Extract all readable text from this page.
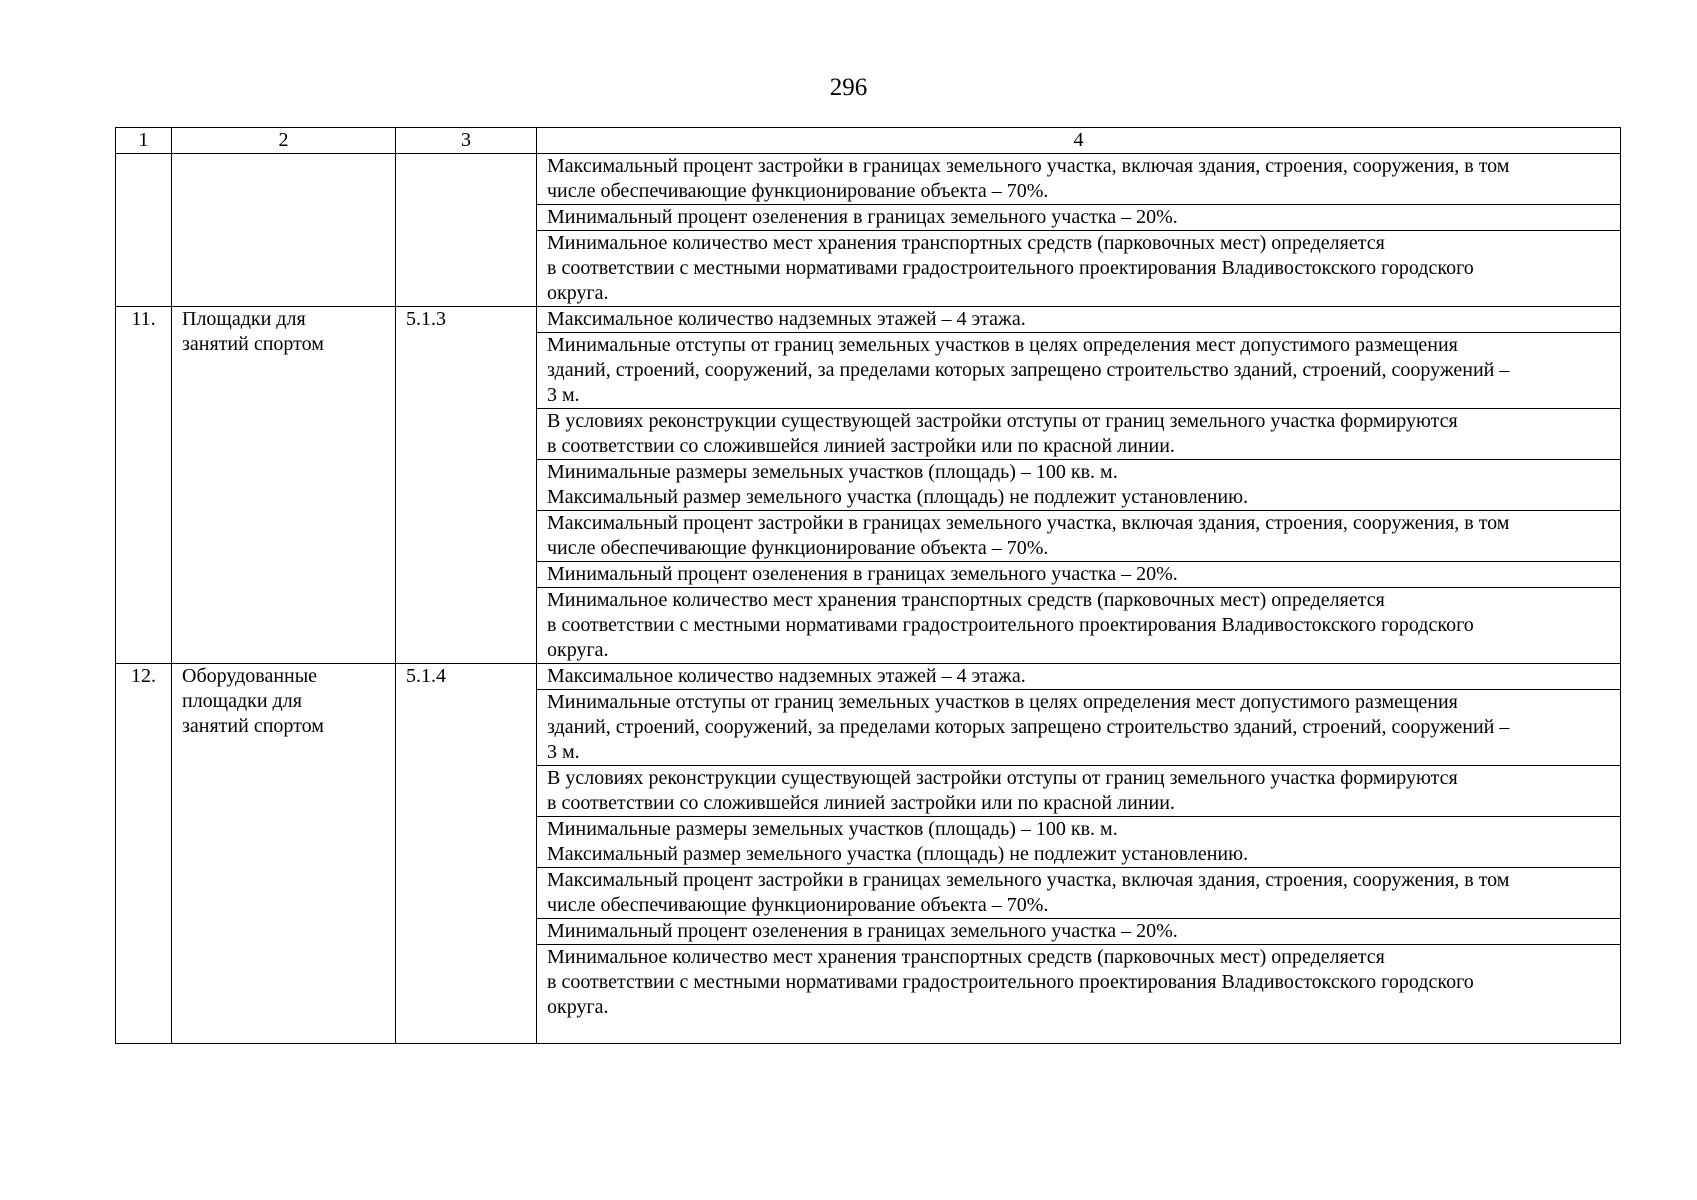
296
1	2	3	4

			Максимальный процент застройки в границах земельного участка, включая здания, строения, сооружения, в том
числе обеспечивающие функционирование объекта – 70%.

			Минимальный процент озеленения в границах земельного участка – 20%.

			Минимальное количество мест хранения транспортных средств (парковочных мест) определяется
в соответствии с местными нормативами градостроительного проектирования Владивостокского городского
округа.

11.	Площадки для
занятий спортом	5.1.3	Максимальное количество надземных этажей – 4 этажа.

			Минимальные отступы от границ земельных участков в целях определения мест допустимого размещения
зданий, строений, сооружений, за пределами которых запрещено строительство зданий, строений, сооружений –
3 м.

			В условиях реконструкции существующей застройки отступы от границ земельного участка формируются
в соответствии со сложившейся линией застройки или по красной линии.

			Минимальные размеры земельных участков (площадь) – 100 кв. м.
Максимальный размер земельного участка (площадь) не подлежит установлению.

			Максимальный процент застройки в границах земельного участка, включая здания, строения, сооружения, в том
числе обеспечивающие функционирование объекта – 70%.

			Минимальный процент озеленения в границах земельного участка – 20%.

			Минимальное количество мест хранения транспортных средств (парковочных мест) определяется
в соответствии с местными нормативами градостроительного проектирования Владивостокского городского
округа.

12.	Оборудованные
площадки для
занятий спортом	5.1.4	Максимальное количество надземных этажей – 4 этажа.

			Минимальные отступы от границ земельных участков в целях определения мест допустимого размещения
зданий, строений, сооружений, за пределами которых запрещено строительство зданий, строений, сооружений –
3 м.

			В условиях реконструкции существующей застройки отступы от границ земельного участка формируются
в соответствии со сложившейся линией застройки или по красной линии.

			Минимальные размеры земельных участков (площадь) – 100 кв. м.
Максимальный размер земельного участка (площадь) не подлежит установлению.

			Максимальный процент застройки в границах земельного участка, включая здания, строения, сооружения, в том
числе обеспечивающие функционирование объекта – 70%.

			Минимальный процент озеленения в границах земельного участка – 20%.

			Минимальное количество мест хранения транспортных средств (парковочных мест) определяется
в соответствии с местными нормативами градостроительного проектирования Владивостокского городского
округа.
